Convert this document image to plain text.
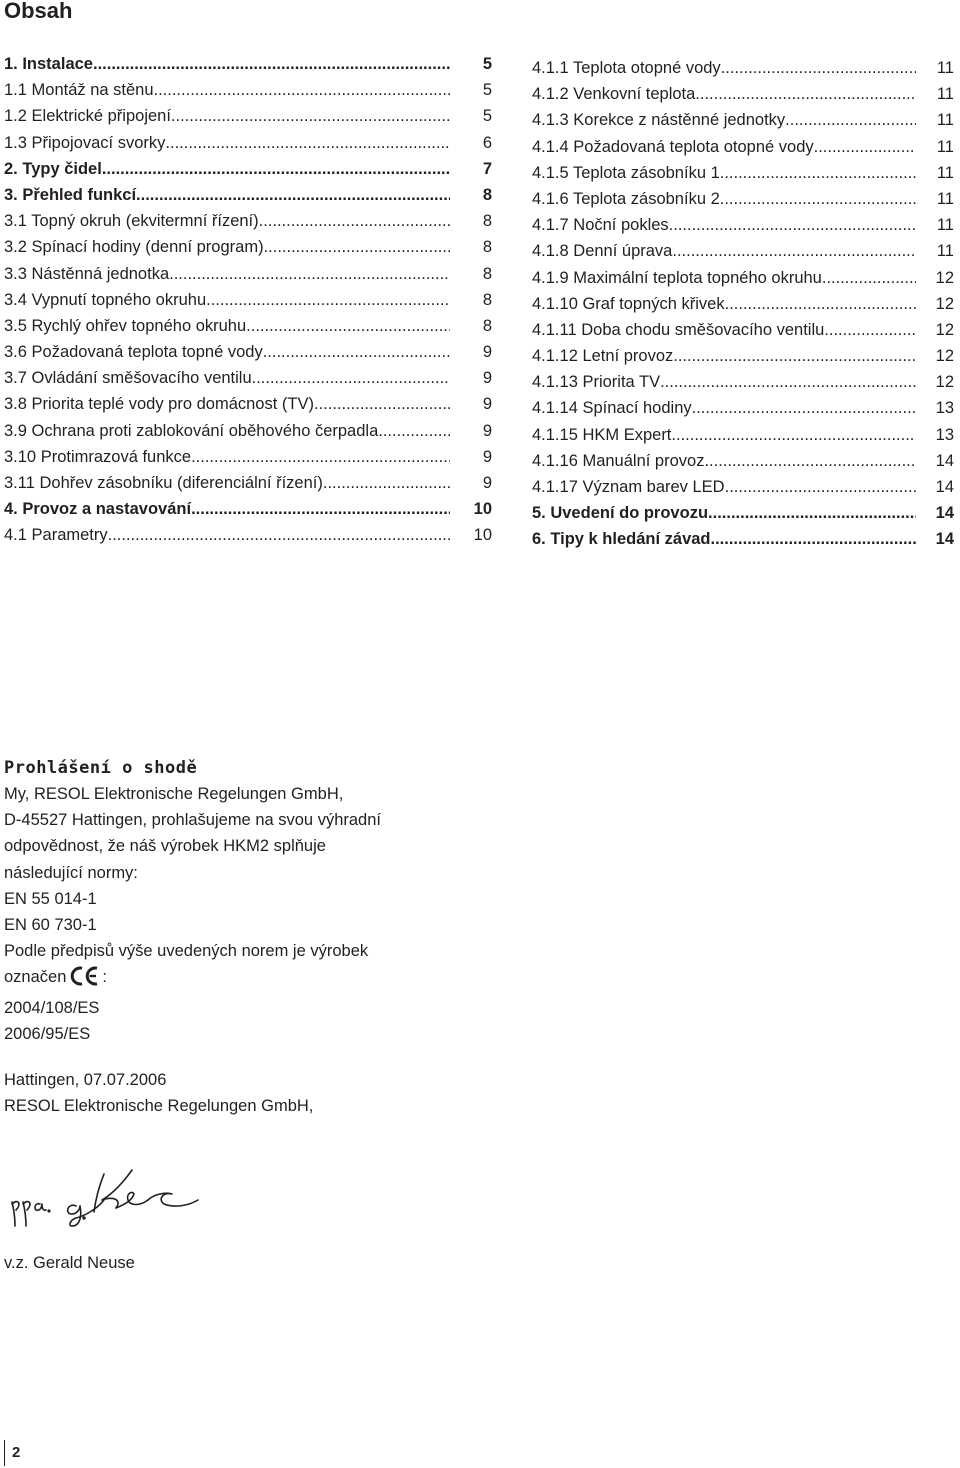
Obsah
1. Instalace .....	5
1.1 Montáž na stěnu .....	5
1.2 Elektrické připojení .....	5
1.3 Připojovací svorky .....	6
2. Typy čidel .....	7
3. Přehled funkcí .....	8
3.1 Topný okruh (ekvitermní řízení) .....	8
3.2 Spínací hodiny (denní program) .....	8
3.3 Nástěnná jednotka .....	8
3.4 Vypnutí topného okruhu .....	8
3.5 Rychlý ohřev topného okruhu .....	8
3.6 Požadovaná teplota topné vody .....	9
3.7 Ovládání směšovacího ventilu .....	9
3.8 Priorita teplé vody pro domácnost (TV) .....	9
3.9 Ochrana proti zablokování oběhového čerpadla .....	9
3.10 Protimrazová funkce .....	9
3.11 Dohřev zásobníku (diferenciální řízení) .....	9
4. Provoz a nastavování .....	10
4.1 Parametry .....	10
4.1.1 Teplota otopné vody .....	11
4.1.2 Venkovní teplota .....	11
4.1.3 Korekce z nástěnné jednotky .....	11
4.1.4 Požadovaná teplota otopné vody .....	11
4.1.5 Teplota zásobníku 1 .....	11
4.1.6 Teplota zásobníku 2 .....	11
4.1.7 Noční pokles .....	11
4.1.8 Denní úprava .....	11
4.1.9 Maximální teplota topného okruhu .....	12
4.1.10 Graf topných křivek .....	12
4.1.11 Doba chodu směšovacího ventilu .....	12
4.1.12 Letní provoz .....	12
4.1.13 Priorita TV .....	12
4.1.14 Spínací hodiny .....	13
4.1.15 HKM Expert .....	13
4.1.16 Manuální provoz .....	14
4.1.17 Význam barev LED .....	14
5. Uvedení do provozu .....	14
6. Tipy k hledání závad .....	14
Prohlášení o shodě
My, RESOL Elektronische Regelungen GmbH,
D-45527 Hattingen, prohlašujeme na svou výhradní
odpovědnost, že náš výrobek HKM2 splňuje
následující normy:
EN 55 014-1
EN 60 730-1
Podle předpisů výše uvedených norem je výrobek
označen :
2004/108/ES
2006/95/ES
Hattingen, 07.07.2006
RESOL Elektronische Regelungen GmbH,
v.z. Gerald Neuse
2
